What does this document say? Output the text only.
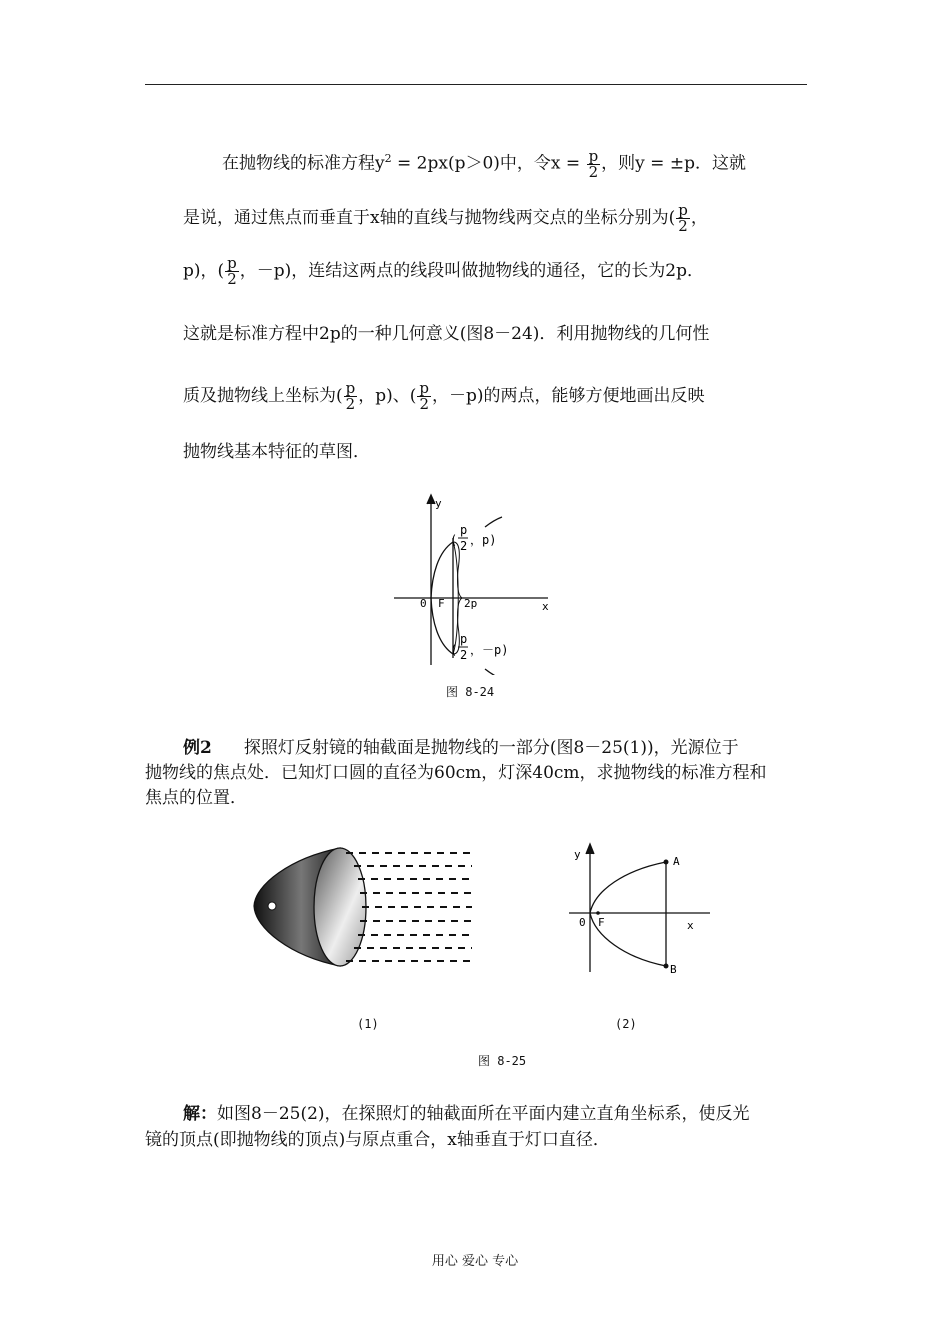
在抛物线的标准方程$y^2 = 2px(p>0)$中，令$x = \frac{p}{2}$ ，则y = ±p．这就
是说，通过焦点而垂直于x轴的直线与抛物线两交点的坐标分别为( $\frac{p}{2}$ ，
p)，( $\frac{p}{2}$ ，－p)，连结这两点的线段叫做抛物线的通径，它的长为2p．
这就是标准方程中2p的一种几何意义(图8－24)．利用抛物线的几何性
质及抛物线上坐标为( $\frac{p}{2}$ ，p)、( $\frac{p}{2}$ ，－p)的两点，能够方便地画出反映
抛物线基本特征的草图．
y
x
0 F 2p
(
p
2 ，p)
(
p
2 ，－p)
图 8-24
例2 探照灯反射镜的轴截面是抛物线的一部分(图8－25(1))，光源位于
抛物线的焦点处．已知灯口圆的直径为60cm，灯深40cm，求抛物线的标准方程和
焦点的位置．
y
x
0 F
A
B
(1)	(2)
图 8-25
解：如图8－25(2)，在探照灯的轴截面所在平面内建立直角坐标系，使反光
镜的顶点(即抛物线的顶点)与原点重合，x轴垂直于灯口直径．
用心 爱心 专心
